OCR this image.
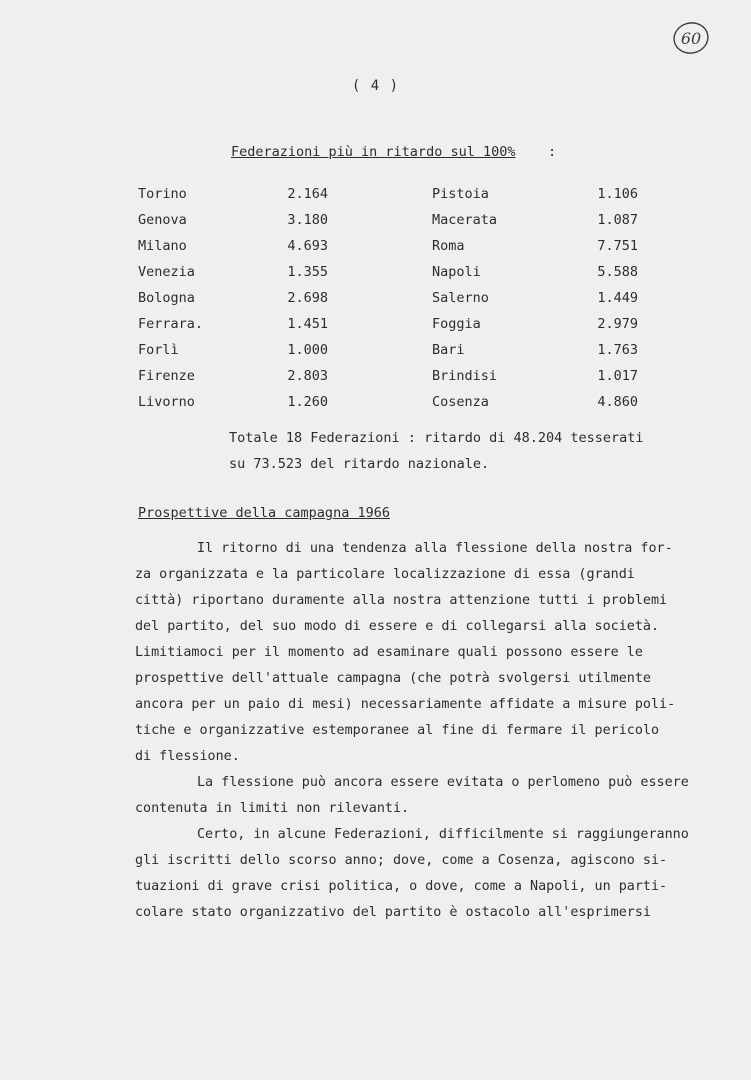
60
( 4 )
Federazioni più in ritardo sul 100% :
Torino	2.164	Pistoia	1.106
Genova	3.180	Macerata	1.087
Milano	4.693	Roma	7.751
Venezia	1.355	Napoli	5.588
Bologna	2.698	Salerno	1.449
Ferrara.	1.451	Foggia	2.979
Forlì	1.000	Bari	1.763
Firenze	2.803	Brindisi	1.017
Livorno	1.260	Cosenza	4.860
Totale 18 Federazioni : ritardo di 48.204 tesserati
su 73.523 del ritardo nazionale.
Prospettive della campagna 1966

Il ritorno di una tendenza alla flessione della nostra for-

za organizzata e la particolare localizzazione di essa (grandi

città) riportano duramente alla nostra attenzione tutti i problemi

del partito, del suo modo di essere e di collegarsi alla società.

Limitiamoci per il momento ad esaminare quali possono essere le

prospettive dell'attuale campagna (che potrà svolgersi utilmente

ancora per un paio di mesi) necessariamente affidate a misure poli-

tiche e organizzative estemporanee al fine di fermare il pericolo

di flessione.

La flessione può ancora essere evitata o perlomeno può essere

contenuta in limiti non rilevanti.

Certo, in alcune Federazioni, difficilmente si raggiungeranno

gli iscritti dello scorso anno; dove, come a Cosenza, agiscono si-

tuazioni di grave crisi politica, o dove, come a Napoli, un parti-

colare stato organizzativo del partito è ostacolo all'esprimersi
